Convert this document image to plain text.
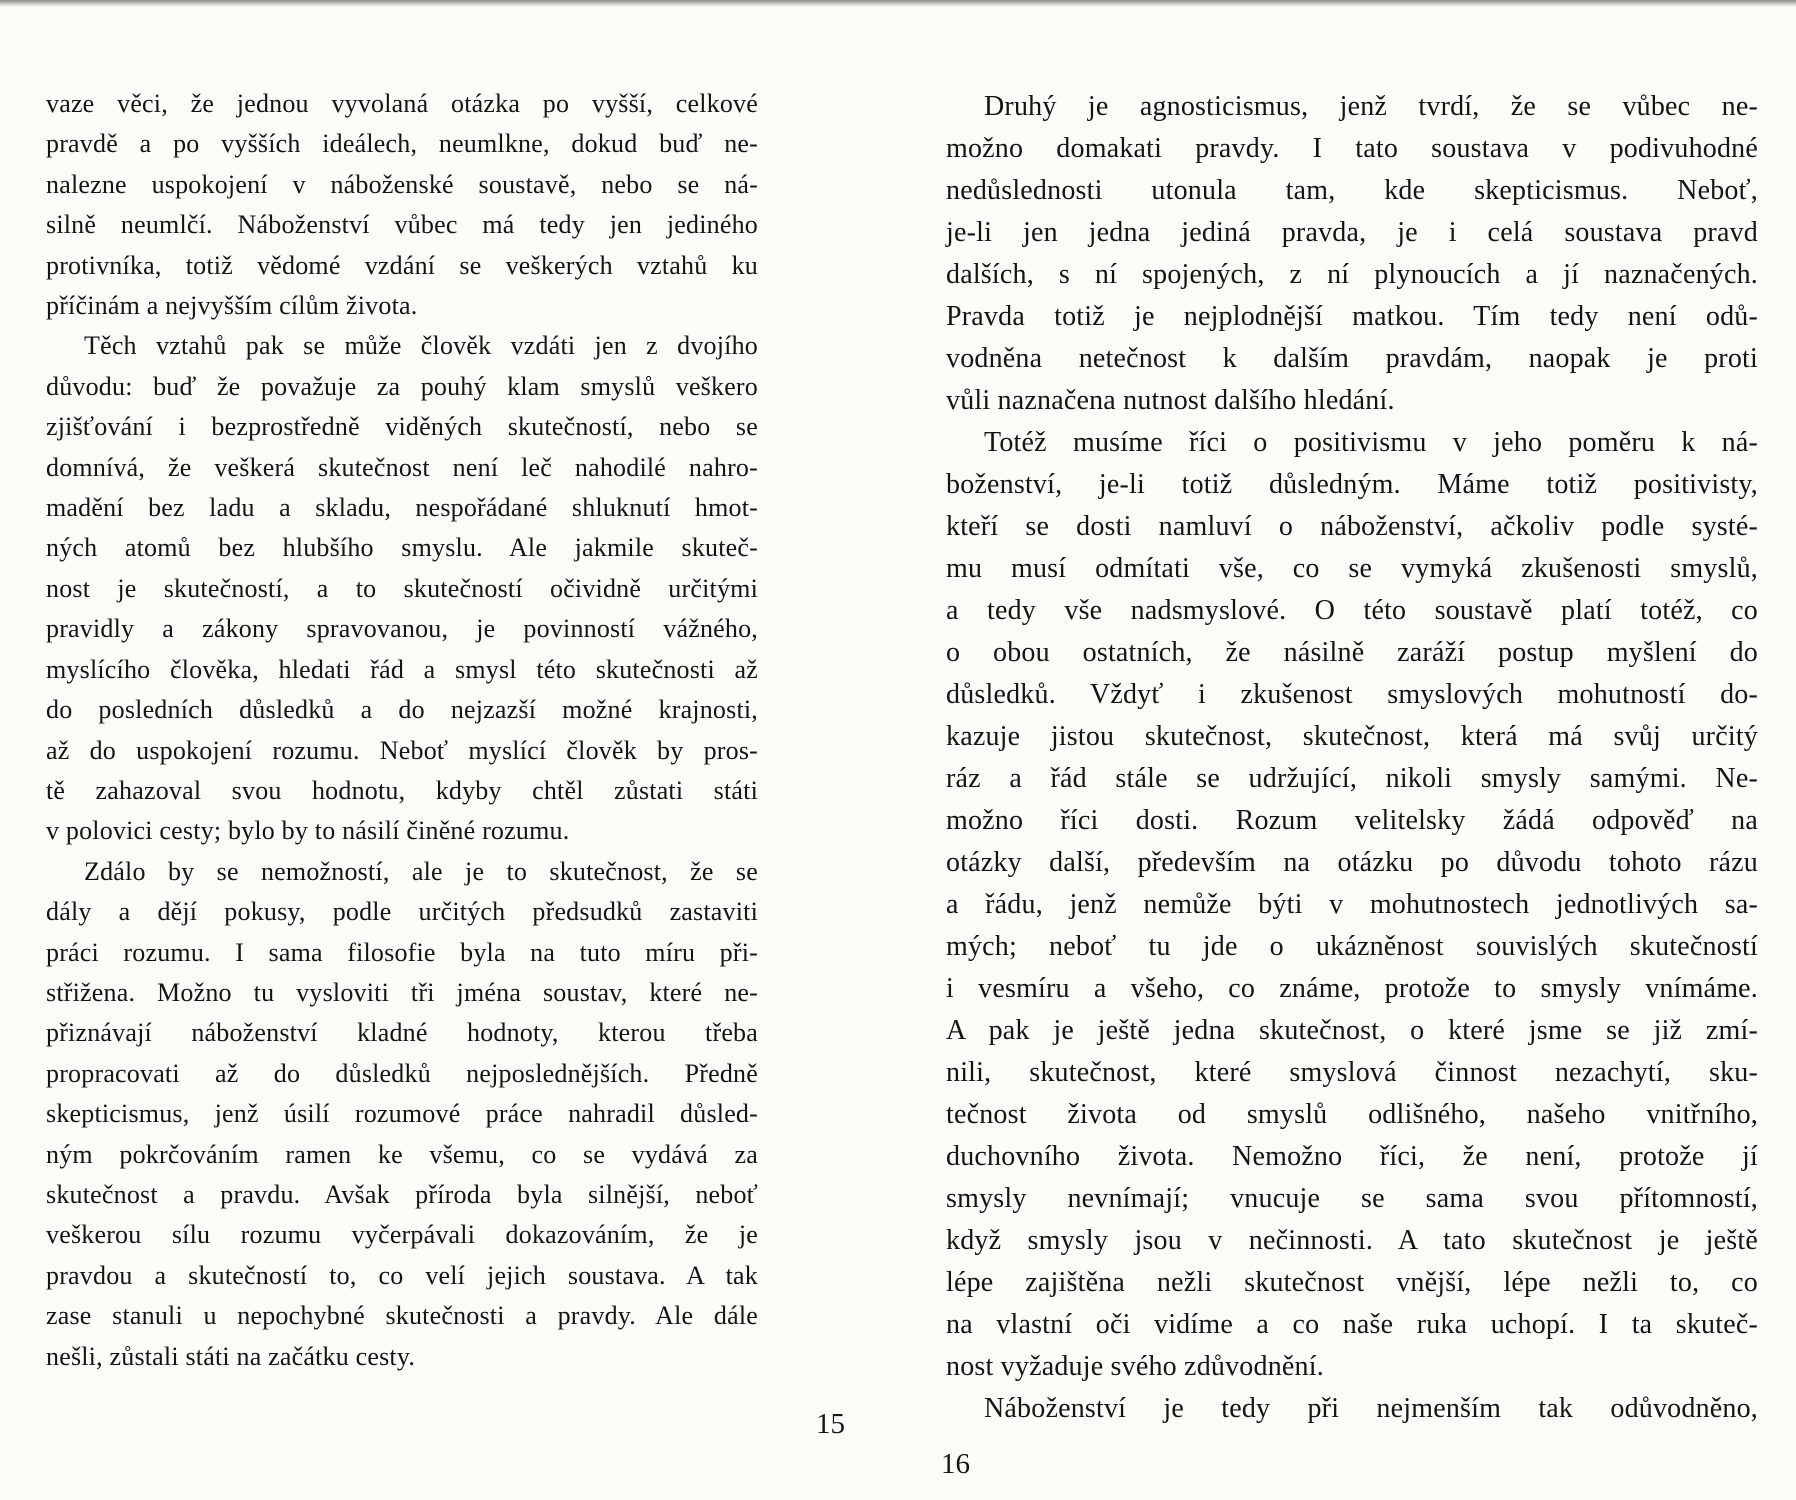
vaze věci, že jednou vyvolaná otázka po vyšší, celkové
pravdě a po vyšších ideálech, neumlkne, dokud buď ne-
nalezne uspokojení v náboženské soustavě, nebo se ná-
silně neumlčí. Náboženství vůbec má tedy jen jediného
protivníka, totiž vědomé vzdání se veškerých vztahů ku
příčinám a nejvyšším cílům života.
Těch vztahů pak se může člověk vzdáti jen z dvojího
důvodu: buď že považuje za pouhý klam smyslů veškero
zjišťování i bezprostředně viděných skutečností, nebo se
domnívá, že veškerá skutečnost není leč nahodilé nahro-
madění bez ladu a skladu, nespořádané shluknutí hmot-
ných atomů bez hlubšího smyslu. Ale jakmile skuteč-
nost je skutečností, a to skutečností očividně určitými
pravidly a zákony spravovanou, je povinností vážného,
myslícího člověka, hledati řád a smysl této skutečnosti až
do posledních důsledků a do nejzazší možné krajnosti,
až do uspokojení rozumu. Neboť myslící člověk by pros-
tě zahazoval svou hodnotu, kdyby chtěl zůstati státi
v polovici cesty; bylo by to násilí činěné rozumu.
Zdálo by se nemožností, ale je to skutečnost, že se
dály a dějí pokusy, podle určitých předsudků zastaviti
práci rozumu. I sama filosofie byla na tuto míru při-
střižena. Možno tu vysloviti tři jména soustav, které ne-
přiznávají náboženství kladné hodnoty, kterou třeba
propracovati až do důsledků nejposlednějších. Předně
skepticismus, jenž úsilí rozumové práce nahradil důsled-
ným pokrčováním ramen ke všemu, co se vydává za
skutečnost a pravdu. Avšak příroda byla silnější, neboť
veškerou sílu rozumu vyčerpávali dokazováním, že je
pravdou a skutečností to, co velí jejich soustava. A tak
zase stanuli u nepochybné skutečnosti a pravdy. Ale dále
nešli, zůstali státi na začátku cesty.
Druhý je agnosticismus, jenž tvrdí, že se vůbec ne-
možno domakati pravdy. I tato soustava v podivuhodné
nedůslednosti utonula tam, kde skepticismus. Neboť,
je-li jen jedna jediná pravda, je i celá soustava pravd
dalších, s ní spojených, z ní plynoucích a jí naznačených.
Pravda totiž je nejplodnější matkou. Tím tedy není odů-
vodněna netečnost k dalším pravdám, naopak je proti
vůli naznačena nutnost dalšího hledání.
Totéž musíme říci o positivismu v jeho poměru k ná-
boženství, je-li totiž důsledným. Máme totiž positivisty,
kteří se dosti namluví o náboženství, ačkoliv podle systé-
mu musí odmítati vše, co se vymyká zkušenosti smyslů,
a tedy vše nadsmyslové. O této soustavě platí totéž, co
o obou ostatních, že násilně zaráží postup myšlení do
důsledků. Vždyť i zkušenost smyslových mohutností do-
kazuje jistou skutečnost, skutečnost, která má svůj určitý
ráz a řád stále se udržující, nikoli smysly samými. Ne-
možno říci dosti. Rozum velitelsky žádá odpověď na
otázky další, především na otázku po důvodu tohoto rázu
a řádu, jenž nemůže býti v mohutnostech jednotlivých sa-
mých; neboť tu jde o ukázněnost souvislých skutečností
i vesmíru a všeho, co známe, protože to smysly vnímáme.
A pak je ještě jedna skutečnost, o které jsme se již zmí-
nili, skutečnost, které smyslová činnost nezachytí, sku-
tečnost života od smyslů odlišného, našeho vnitřního,
duchovního života. Nemožno říci, že není, protože jí
smysly nevnímají; vnucuje se sama svou přítomností,
když smysly jsou v nečinnosti. A tato skutečnost je ještě
lépe zajištěna nežli skutečnost vnější, lépe nežli to, co
na vlastní oči vidíme a co naše ruka uchopí. I ta skuteč-
nost vyžaduje svého zdůvodnění.
Náboženství je tedy při nejmenším tak odůvodněno,
15
16
